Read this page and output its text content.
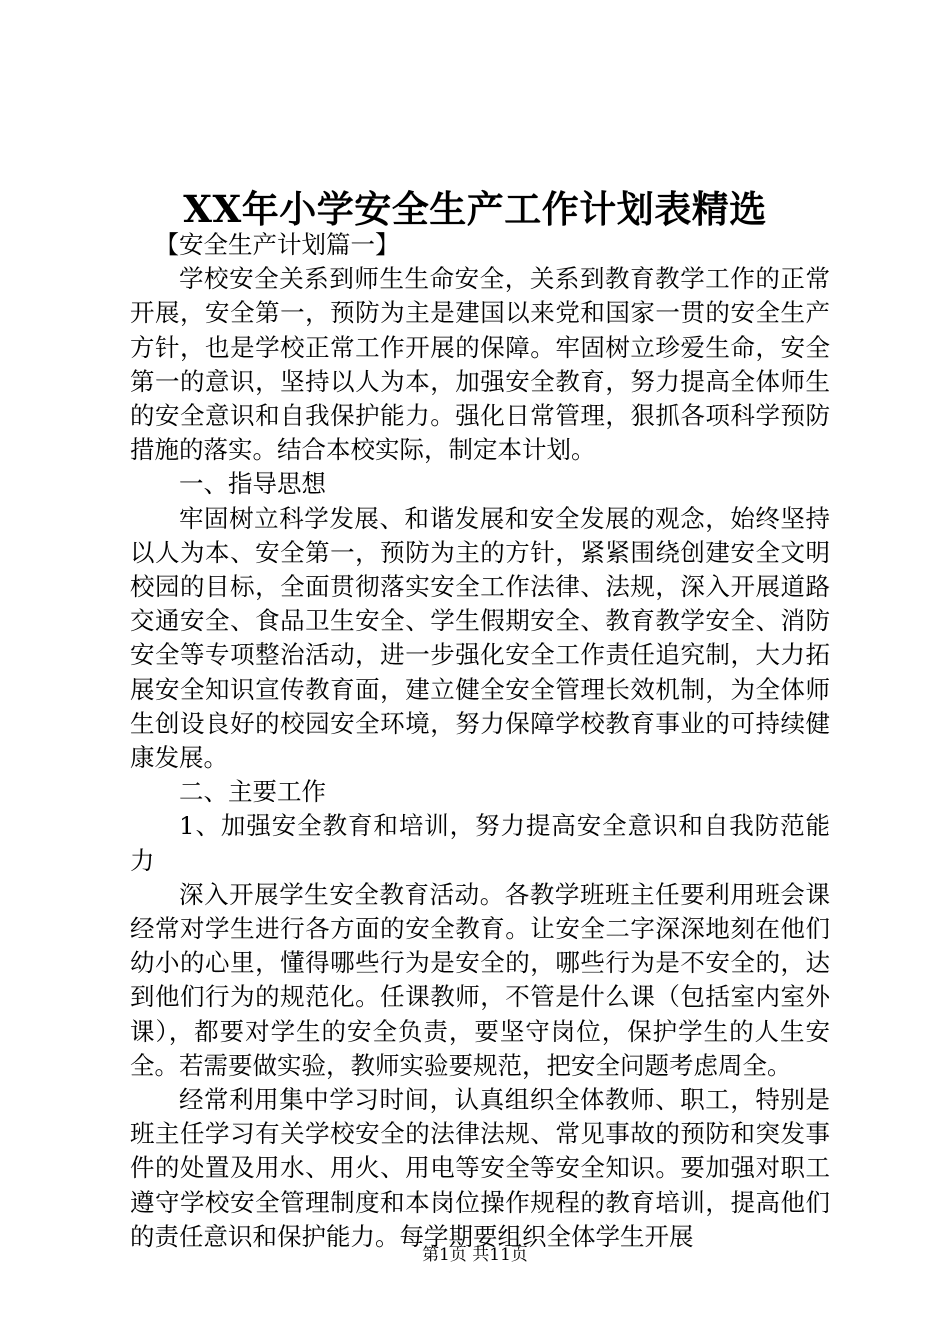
XX年小学安全生产工作计划表精选

【安全生产计划篇一】

学校安全关系到师生生命安全，关系到教育教学工作的正常开展，安全第一，预防为主是建国以来党和国家一贯的安全生产方针，也是学校正常工作开展的保障。牢固树立珍爱生命，安全第一的意识，坚持以人为本，加强安全教育，努力提高全体师生的安全意识和自我保护能力。强化日常管理，狠抓各项科学预防措施的落实。结合本校实际，制定本计划。

一、指导思想

牢固树立科学发展、和谐发展和安全发展的观念，始终坚持以人为本、安全第一，预防为主的方针，紧紧围绕创建安全文明校园的目标，全面贯彻落实安全工作法律、法规，深入开展道路交通安全、食品卫生安全、学生假期安全、教育教学安全、消防安全等专项整治活动，进一步强化安全工作责任追究制，大力拓展安全知识宣传教育面，建立健全安全管理长效机制，为全体师生创设良好的校园安全环境，努力保障学校教育事业的可持续健康发展。

二、主要工作

1、加强安全教育和培训，努力提高安全意识和自我防范能力

深入开展学生安全教育活动。各教学班班主任要利用班会课经常对学生进行各方面的安全教育。让安全二字深深地刻在他们幼小的心里，懂得哪些行为是安全的，哪些行为是不安全的，达到他们行为的规范化。任课教师，不管是什么课（包括室内室外课），都要对学生的安全负责，要坚守岗位，保护学生的人生安全。若需要做实验，教师实验要规范，把安全问题考虑周全。

经常利用集中学习时间，认真组织全体教师、职工，特别是班主任学习有关学校安全的法律法规、常见事故的预防和突发事件的处置及用水、用火、用电等安全等安全知识。要加强对职工遵守学校安全管理制度和本岗位操作规程的教育培训，提高他们的责任意识和保护能力。每学期要组织全体学生开展

第1页 共11页
